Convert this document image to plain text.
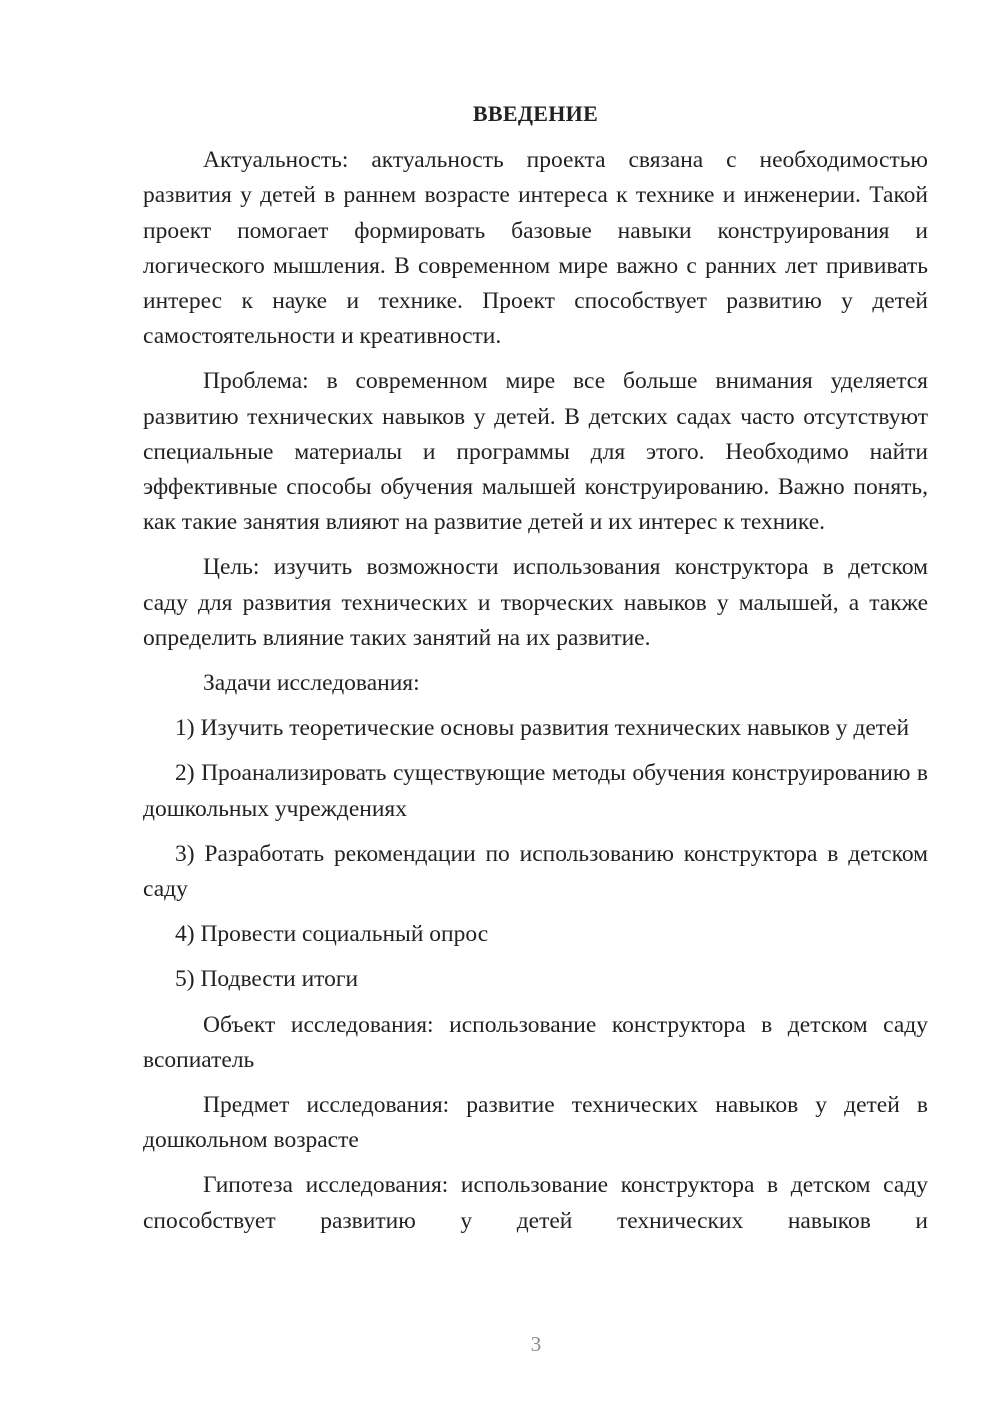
ВВЕДЕНИЕ

Актуальность: актуальность проекта связана с необходимостью развития у детей в раннем возрасте интереса к технике и инженерии. Такой проект помогает формировать базовые навыки конструирования и логического мышления. В современном мире важно с ранних лет прививать интерес к науке и технике. Проект способствует развитию у детей самостоятельности и креативности.

Проблема: в современном мире все больше внимания уделяется развитию технических навыков у детей. В детских садах часто отсутствуют специальные материалы и программы для этого. Необходимо найти эффективные способы обучения малышей конструированию. Важно понять, как такие занятия влияют на развитие детей и их интерес к технике.

Цель: изучить возможности использования конструктора в детском саду для развития технических и творческих навыков у малышей, а также определить влияние таких занятий на их развитие.

Задачи исследования:

1) Изучить теоретические основы развития технических навыков у детей

2) Проанализировать существующие методы обучения конструированию в дошкольных учреждениях

3) Разработать рекомендации по использованию конструктора в детском саду

4) Провести социальный опрос

5) Подвести итоги

Объект исследования: использование конструктора в детском саду всопиатель

Предмет исследования: развитие технических навыков у детей в дошкольном возрасте

Гипотеза исследования: использование конструктора в детском саду способствует развитию у детей технических навыков и

3
